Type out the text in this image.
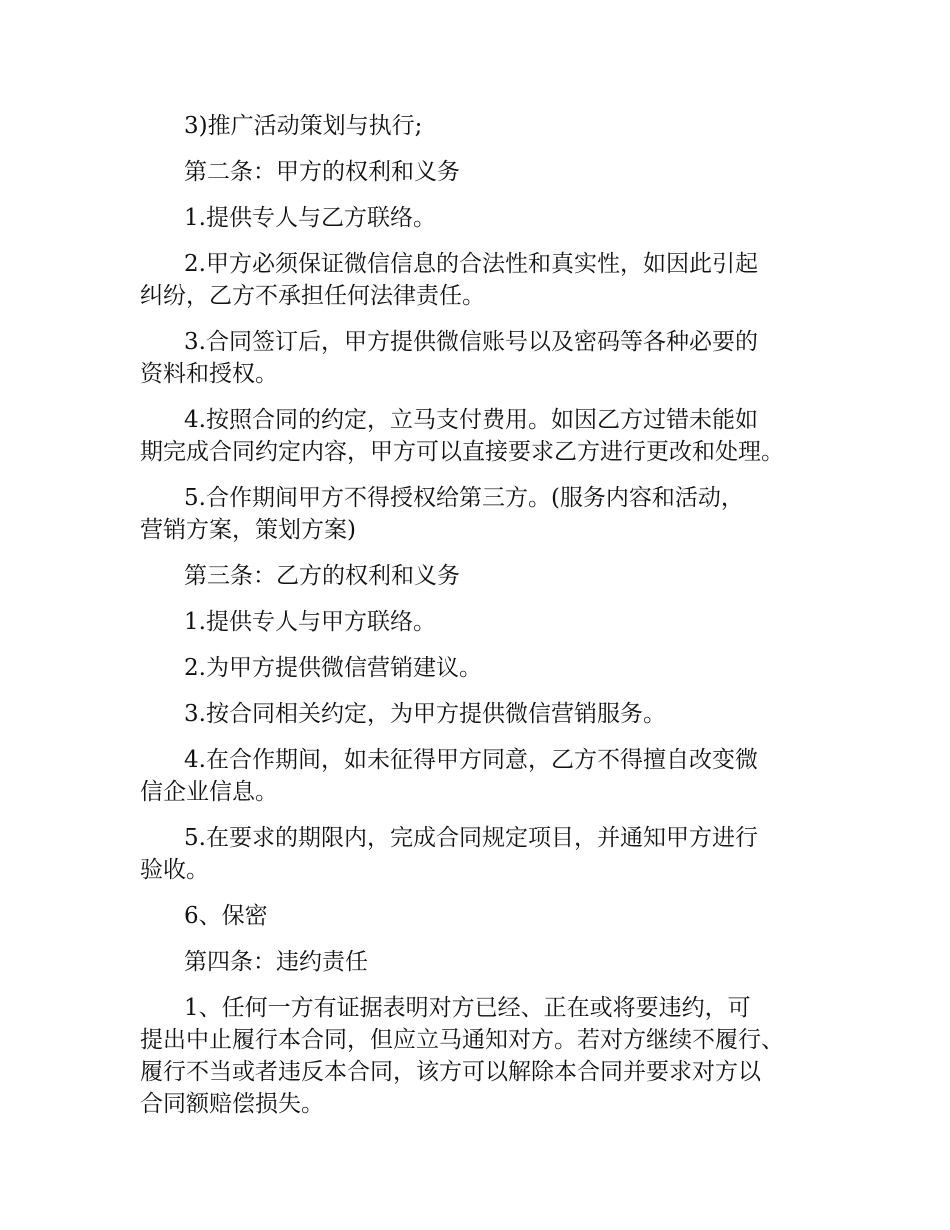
3)推广活动策划与执行;

第二条：甲方的权利和义务

1.提供专人与乙方联络。

2.甲方必须保证微信信息的合法性和真实性，如因此引起
纠纷，乙方不承担任何法律责任。

3.合同签订后，甲方提供微信账号以及密码等各种必要的
资料和授权。

4.按照合同的约定，立马支付费用。如因乙方过错未能如
期完成合同约定内容，甲方可以直接要求乙方进行更改和处理。

5.合作期间甲方不得授权给第三方。(服务内容和活动，
营销方案，策划方案)

第三条：乙方的权利和义务

1.提供专人与甲方联络。

2.为甲方提供微信营销建议。

3.按合同相关约定，为甲方提供微信营销服务。

4.在合作期间，如未征得甲方同意，乙方不得擅自改变微
信企业信息。

5.在要求的期限内，完成合同规定项目，并通知甲方进行
验收。

6、保密

第四条：违约责任

1、任何一方有证据表明对方已经、正在或将要违约，可
提出中止履行本合同，但应立马通知对方。若对方继续不履行、
履行不当或者违反本合同，该方可以解除本合同并要求对方以
合同额赔偿损失。
